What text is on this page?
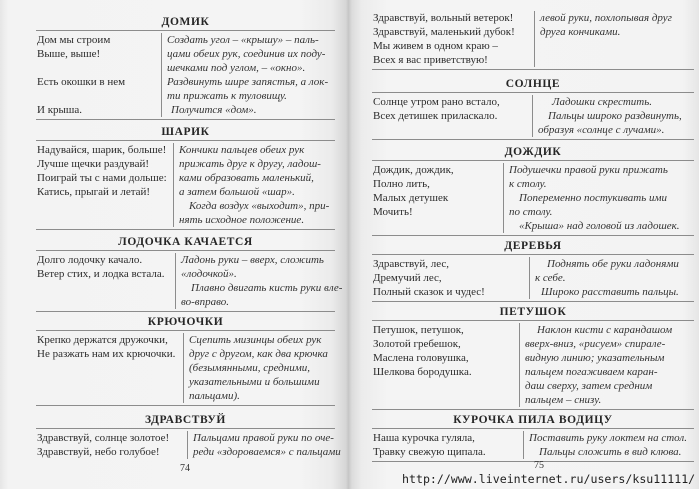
ДОМИК
Дом мы строим
Выше, выше!
Создать угол – «крышу» – паль-
цами обеих рук, соединив их поду-
шечками под углом, – «окно».
Есть окошки в нем	Раздвинуть шире запястья, а лок-
ти прижать к туловищу.
И крыша.	Получится «дом».
ШАРИК
Надувайся, шарик, больше!
Лучше щечки раздувай!
Поиграй ты с нами дольше:
Катись, прыгай и летай!
Кончики пальцев обеих рук
прижать друг к другу, ладош-
ками образовать маленький,
а затем большой «шар».
Когда воздух «выходит», при-
нять исходное положение.
ЛОДОЧКА КАЧАЕТСЯ
Долго лодочку качало.
Ветер стих, и лодка встала.
Ладонь руки – вверх, сложить
«лодочкой».
Плавно двигать кисть руки вле-
во-вправо.
КРЮЧОЧКИ
Крепко держатся дружочки,
Не разжать нам их крючочки.
Сцепить мизинцы обеих рук
друг с другом, как два крючка
(безымянными, средними,
указательными и большими
пальцами).
ЗДРАВСТВУЙ
Здравствуй, солнце золотое!
Здравствуй, небо голубое!
Пальцами правой руки по оче-
реди «здороваемся» с пальцами
74
Здравствуй, вольный ветерок!
Здравствуй, маленький дубок!
Мы живем в одном краю –
Всех я вас приветствую!
левой руки, похлопывая друг
друга кончиками.
СОЛНЦЕ
Солнце утром рано встало,
Всех детишек приласкало.
Ладошки скрестить.
Пальцы широко раздвинуть,
образуя «солнце с лучами».
ДОЖДИК
Дождик, дождик,
Полно лить,
Малых детушек
Мочить!
Подушечки правой руки прижать
к столу.
Попеременно постукивать ими
по столу.
«Крыша» над головой из ладошек.
ДЕРЕВЬЯ
Здравствуй, лес,
Дремучий лес,
Полный сказок и чудес!
Поднять обе руки ладонями
к себе.
Широко расставить пальцы.
ПЕТУШОК
Петушок, петушок,
Золотой гребешок,
Маслена головушка,
Шелкова бородушка.
Наклон кисти с карандашом
вверх-вниз, «рисуем» спирале-
видную линию; указательным
пальцем погаживаем каран-
даш сверху, затем средним
пальцем – снизу.
КУРОЧКА ПИЛА ВОДИЦУ
Наша курочка гуляла,
Травку свежую щипала.
Поставить руку локтем на стол.
Пальцы сложить в вид клюва.
75
http://www.liveinternet.ru/users/ksu11111/
